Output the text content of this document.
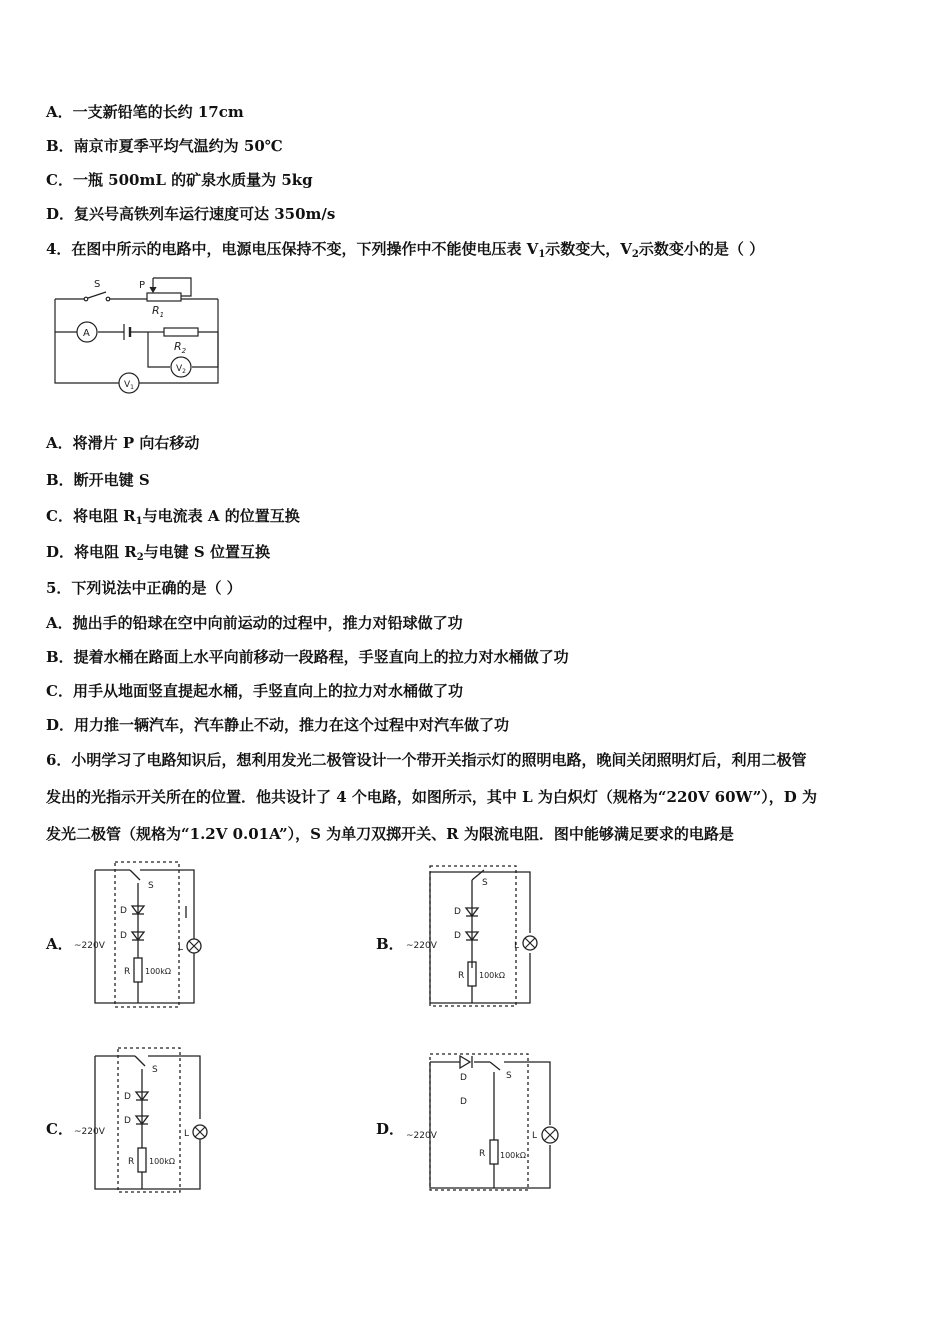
A．一支新铅笔的长约 17cm
B．南京市夏季平均气温约为 50℃
C．一瓶 500mL 的矿泉水质量为 5kg
D．复兴号高铁列车运行速度可达 350m/s
4．在图中所示的电路中，电源电压保持不变，下列操作中不能使电压表 $V_1$示数变大，$V_2$示数变小的是（ ）
S	P
$R_1$
$R_2$
A
$V_2$
$V_1$
A．将滑片 P 向右移动
B．断开电键 S
C．将电阻 $R_1$与电流表 A 的位置互换
D．将电阻 $R_2$与电键 S 位置互换
5．下列说法中正确的是（ ）
A．抛出手的铅球在空中向前运动的过程中，推力对铅球做了功
B．提着水桶在路面上水平向前移动一段路程，手竖直向上的拉力对水桶做了功
C．用手从地面竖直提起水桶，手竖直向上的拉力对水桶做了功
D．用力推一辆汽车，汽车静止不动，推力在这个过程中对汽车做了功
6．小明学习了电路知识后，想利用发光二极管设计一个带开关指示灯的照明电路，晚间关闭照明灯后，利用二极管
发出的光指示开关所在的位置．他共设计了 4 个电路，如图所示，其中 L 为白炽灯（规格为“220V 60W”），D 为
发光二极管（规格为“1.2V 0.01A”），S 为单刀双掷开关、R 为限流电阻．图中能够满足要求的电路是
A．	B．
C．	D．
~220V
S
D
D
L
R 100kΩ
~220V
S
D
D
L
R 100kΩ
~220V
S
D
D
L
R 100kΩ
~220V
S
D
D
L
R 100kΩ
